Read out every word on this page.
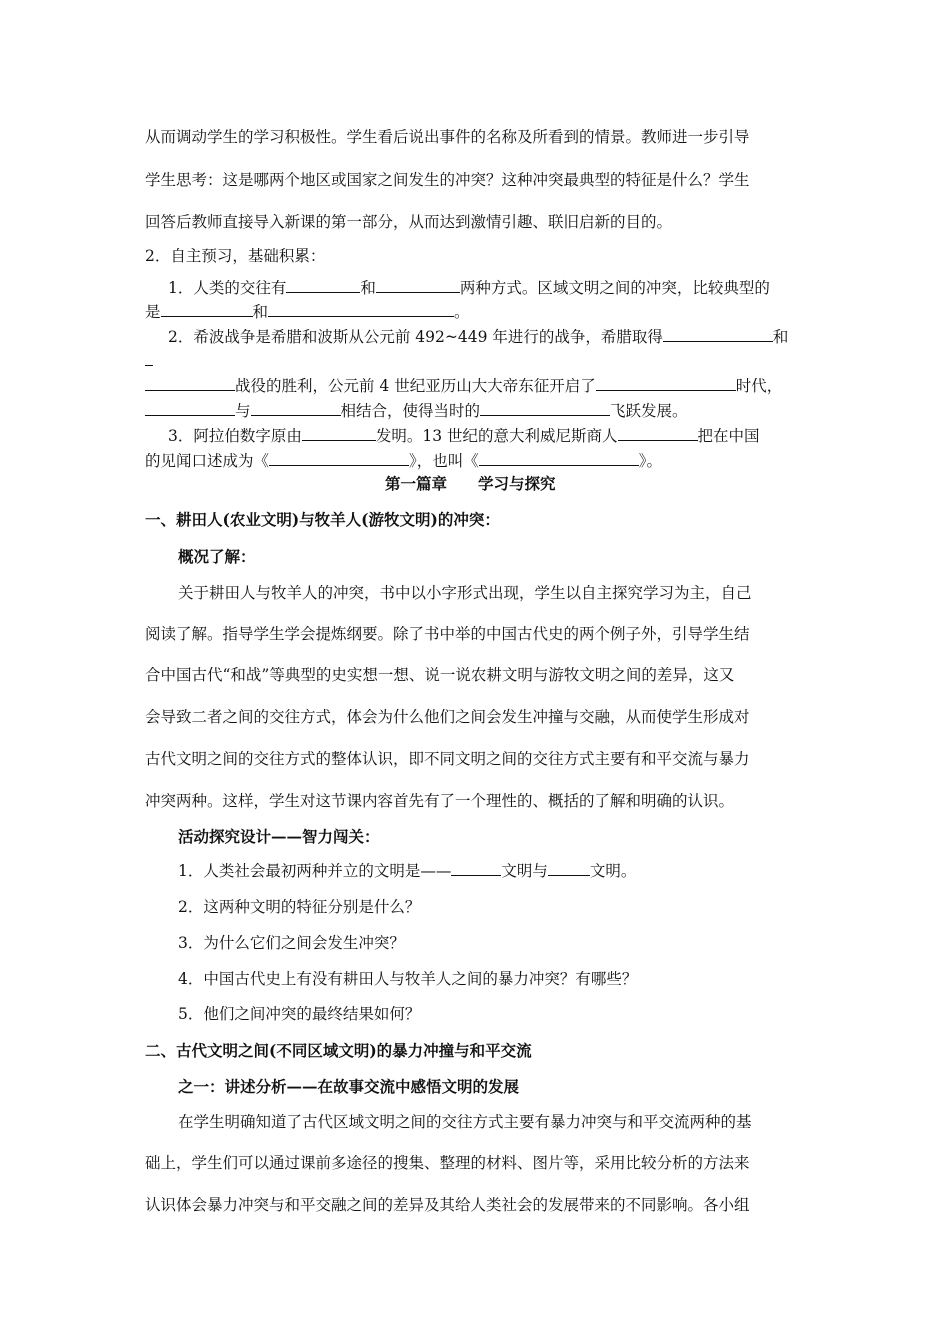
从而调动学生的学习积极性。学生看后说出事件的名称及所看到的情景。教师进一步引导
学生思考：这是哪两个地区或国家之间发生的冲突？这种冲突最典型的特征是什么？学生
回答后教师直接导入新课的第一部分，从而达到激情引趣、联旧启新的目的。
2．自主预习，基础积累：
1．人类的交往有	和	两种方式。区域文明之间的冲突，比较典型的
是	和	。
2．希波战争是希腊和波斯从公元前 492~449 年进行的战争，希腊取得	和
战役的胜利，公元前 4 世纪亚历山大大帝东征开启了	时代，
与	相结合，使得当时的	飞跃发展。
3．阿拉伯数字原由	发明。13 世纪的意大利威尼斯商人	把在中国
的见闻口述成为《	》，也叫《	》。
第一篇章　　学习与探究
一、耕田人(农业文明)与牧羊人(游牧文明)的冲突：
概况了解：
关于耕田人与牧羊人的冲突，书中以小字形式出现，学生以自主探究学习为主，自己
阅读了解。指导学生学会提炼纲要。除了书中举的中国古代史的两个例子外，引导学生结
合中国古代“和战”等典型的史实想一想、说一说农耕文明与游牧文明之间的差异，这又
会导致二者之间的交往方式，体会为什么他们之间会发生冲撞与交融，从而使学生形成对
古代文明之间的交往方式的整体认识，即不同文明之间的交往方式主要有和平交流与暴力
冲突两种。这样，学生对这节课内容首先有了一个理性的、概括的了解和明确的认识。
活动探究设计——智力闯关：
1．人类社会最初两种并立的文明是——	文明与	文明。
2．这两种文明的特征分别是什么？
3．为什么它们之间会发生冲突？
4．中国古代史上有没有耕田人与牧羊人之间的暴力冲突？有哪些？
5．他们之间冲突的最终结果如何？
二、古代文明之间(不同区域文明)的暴力冲撞与和平交流
之一：讲述分析——在故事交流中感悟文明的发展
在学生明确知道了古代区域文明之间的交往方式主要有暴力冲突与和平交流两种的基
础上，学生们可以通过课前多途径的搜集、整理的材料、图片等，采用比较分析的方法来
认识体会暴力冲突与和平交融之间的差异及其给人类社会的发展带来的不同影响。各小组
